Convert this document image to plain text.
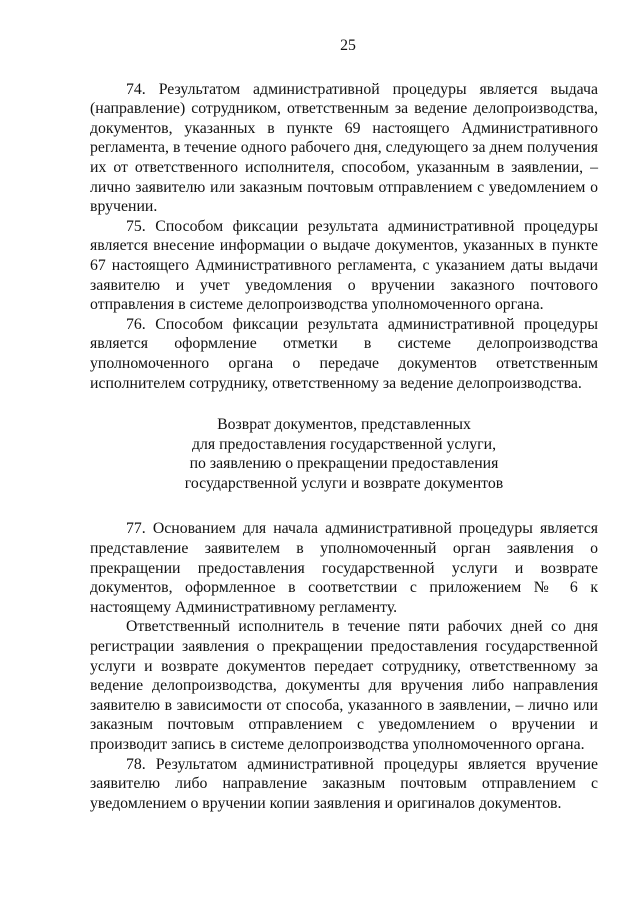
25

74. Результатом административной процедуры является выдача (направление) сотрудником, ответственным за ведение делопроизводства, документов, указанных в пункте 69 настоящего Административного регламента, в течение одного рабочего дня, следующего за днем получения их от ответственного исполнителя, способом, указанным в заявлении, – лично заявителю или заказным почтовым отправлением с уведомлением о вручении.

75. Способом фиксации результата административной процедуры является внесение информации о выдаче документов, указанных в пункте 67 настоящего Административного регламента, с указанием даты выдачи заявителю и учет уведомления о вручении заказного почтового отправления в системе делопроизводства уполномоченного органа.

76. Способом фиксации результата административной процедуры является оформление отметки в системе делопроизводства уполномоченного органа о передаче документов ответственным исполнителем сотруднику, ответственному за ведение делопроизводства.

Возврат документов, представленных
для предоставления государственной услуги,
по заявлению о прекращении предоставления
государственной услуги и возврате документов

77. Основанием для начала административной процедуры является представление заявителем в уполномоченный орган заявления о прекращении предоставления государственной услуги и возврате документов, оформленное в соответствии с приложением № 6 к настоящему Административному регламенту.

Ответственный исполнитель в течение пяти рабочих дней со дня регистрации заявления о прекращении предоставления государственной услуги и возврате документов передает сотруднику, ответственному за ведение делопроизводства, документы для вручения либо направления заявителю в зависимости от способа, указанного в заявлении, – лично или заказным почтовым отправлением с уведомлением о вручении и производит запись в системе делопроизводства уполномоченного органа.

78. Результатом административной процедуры является вручение заявителю либо направление заказным почтовым отправлением с уведомлением о вручении копии заявления и оригиналов документов.
